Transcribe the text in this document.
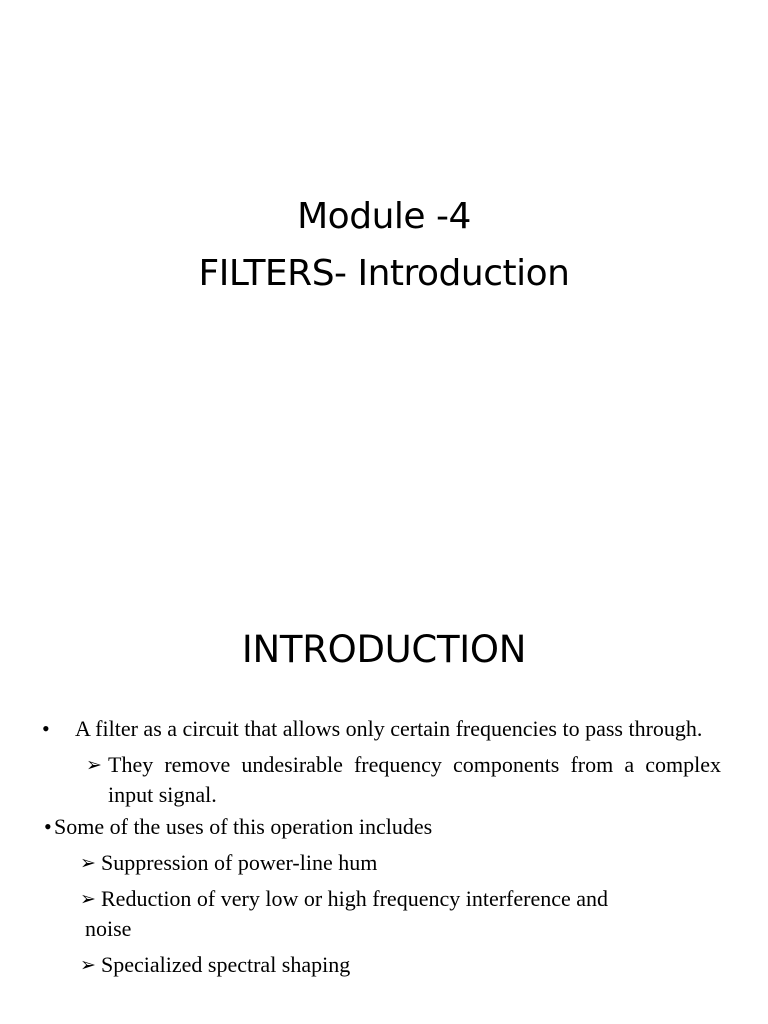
Module -4
FILTERS- Introduction
INTRODUCTION
•	A filter as a circuit that allows only certain frequencies to pass through.
➢ They remove undesirable frequency components from a complex input signal.
• Some of the uses of this operation includes
➢ Suppression of power-line hum
➢ Reduction of very low or high frequency interference and
noise
➢ Specialized spectral shaping
